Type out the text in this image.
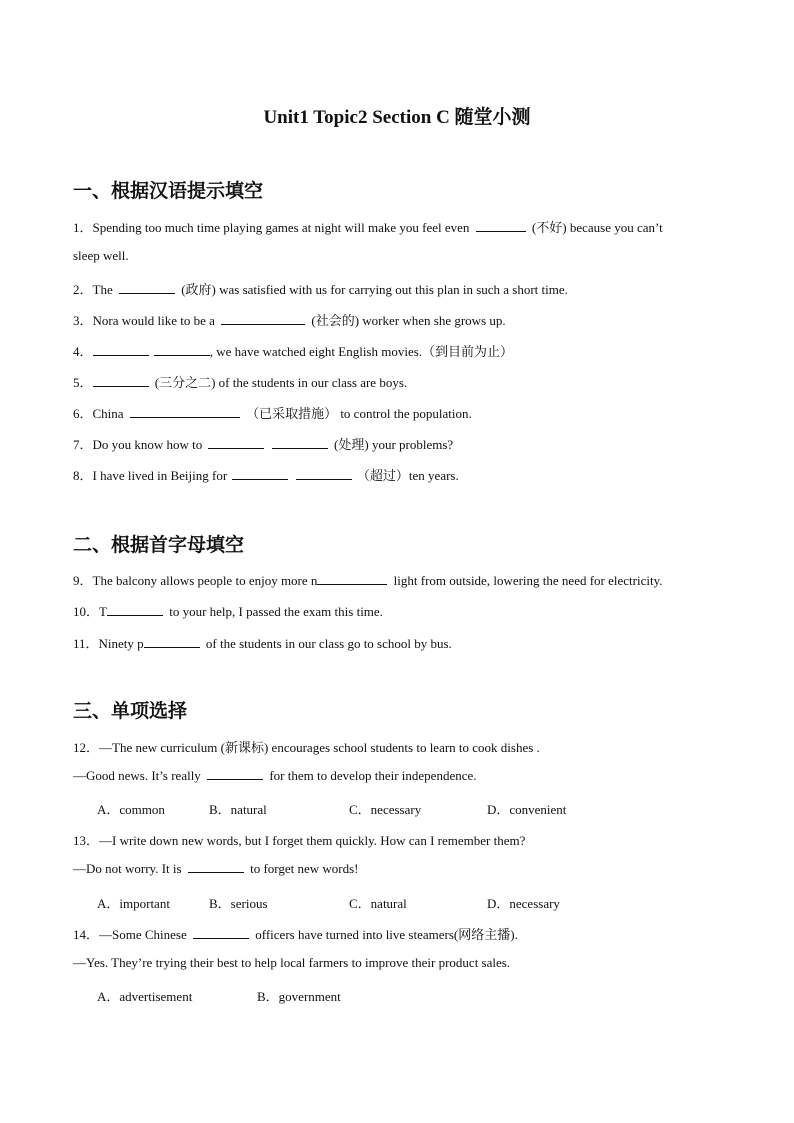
Unit1 Topic2 Section C 随堂小测
一、根据汉语提示填空
1．Spending too much time playing games at night will make you feel even	(不好) because you can’t
sleep well.
2．The	(政府) was satisfied with us for carrying out this plan in such a short time.
3．Nora would like to be a	(社会的) worker when she grows up.
4．	, we have watched eight English movies.（到目前为止）
5．	(三分之二) of the students in our class are boys.
6．China	（已采取措施） to control the population.
7．Do you know how to	(处理) your problems?
8．I have lived in Beijing for	（超过）ten years.
二、根据首字母填空
9．The balcony allows people to enjoy more n	light from outside, lowering the need for electricity.
10．T	to your help, I passed the exam this time.
11．Ninety p	of the students in our class go to school by bus.
三、单项选择
12．—The new curriculum (新课标) encourages school students to learn to cook dishes .
—Good news. It’s really	for them to develop their independence.
A．common	B．natural	C．necessary	D．convenient
13．—I write down new words, but I forget them quickly. How can I remember them?
—Do not worry. It is	to forget new words!
A．important	B．serious	C．natural	D．necessary
14．—Some Chinese	officers have turned into live steamers(网络主播).
—Yes. They’re trying their best to help local farmers to improve their product sales.
A．advertisement	B．government
